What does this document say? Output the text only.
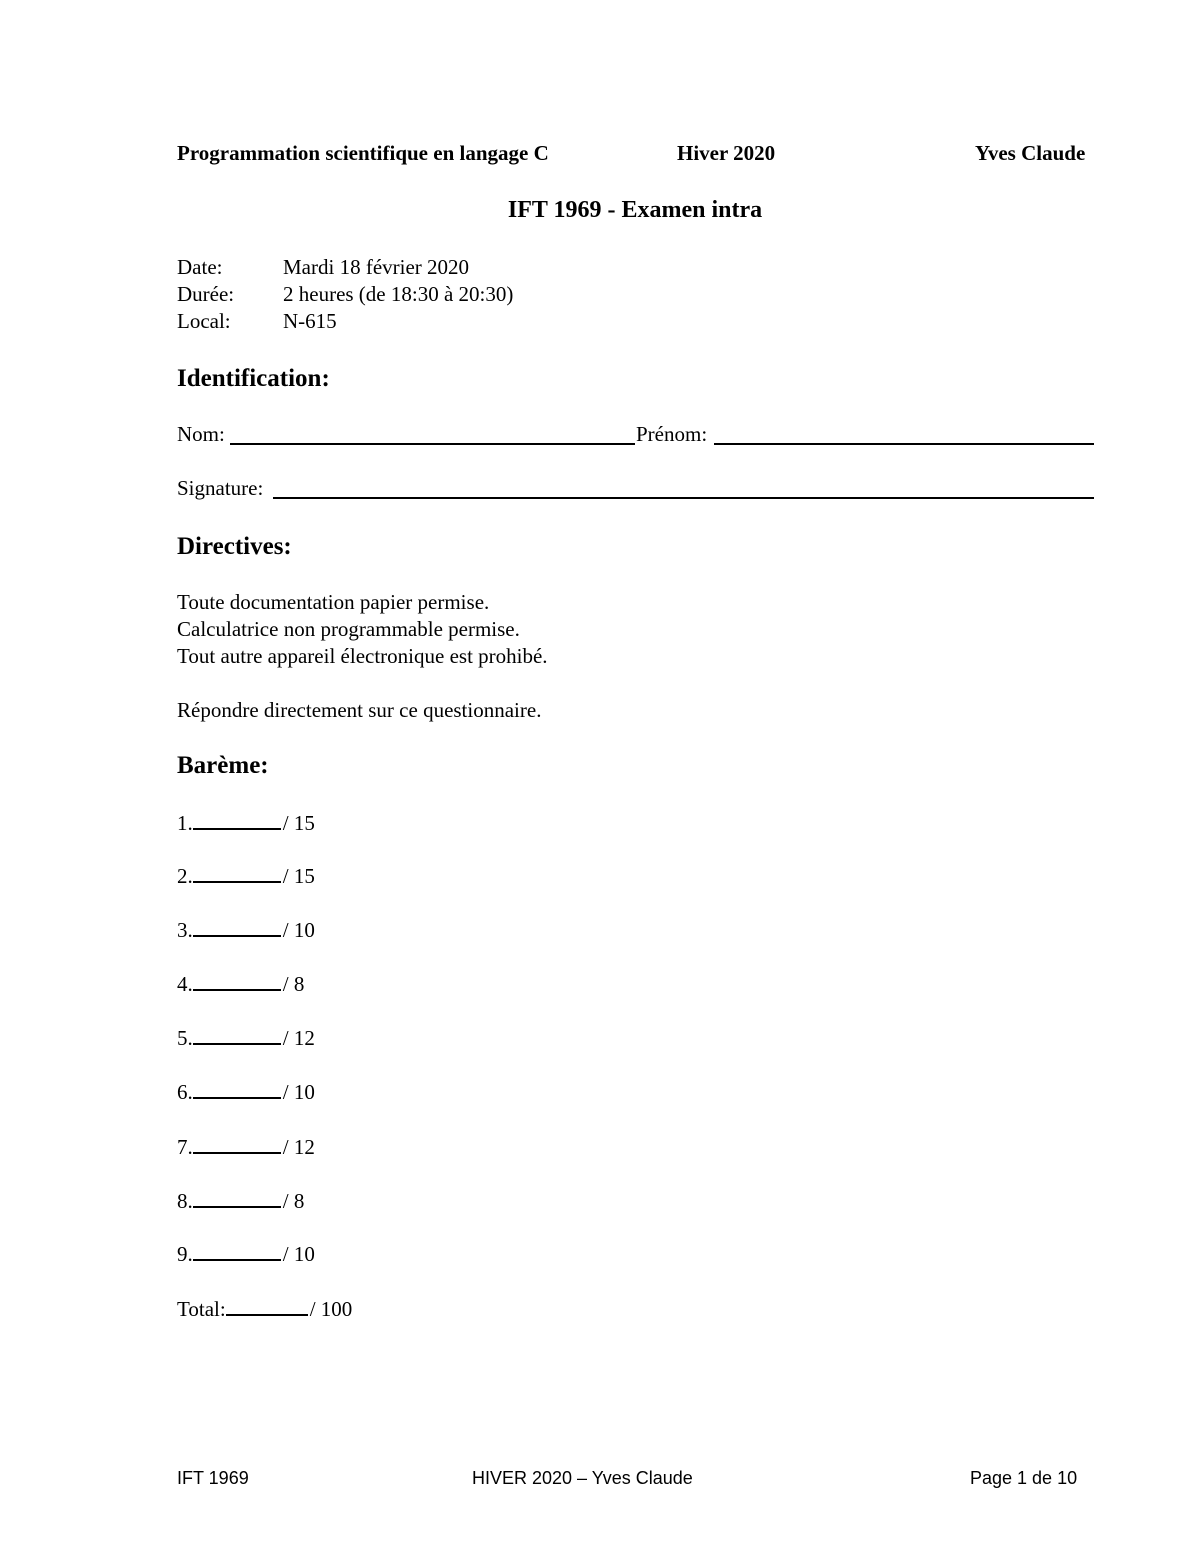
Programmation scientifique en langage C	Hiver 2020	Yves Claude
IFT 1969 - Examen intra
Date:	Mardi 18 février 2020
Durée: 2 heures (de 18:30 à 20:30)
Local: N-615
Identification:
Nom:	Prénom:
Signature:
Directives:
Toute documentation papier permise.
Calculatrice non programmable permise.
Tout autre appareil électronique est prohibé.
Répondre directement sur ce questionnaire.
Barème:
1.	/ 15
2.	/ 15
3.	/ 10
4.	/ 8
5.	/ 12
6.	/ 10
7.	/ 12
8.	/ 8
9.	/ 10
Total:	/ 100
IFT 1969	HIVER 2020 – Yves Claude	Page 1 de 10
